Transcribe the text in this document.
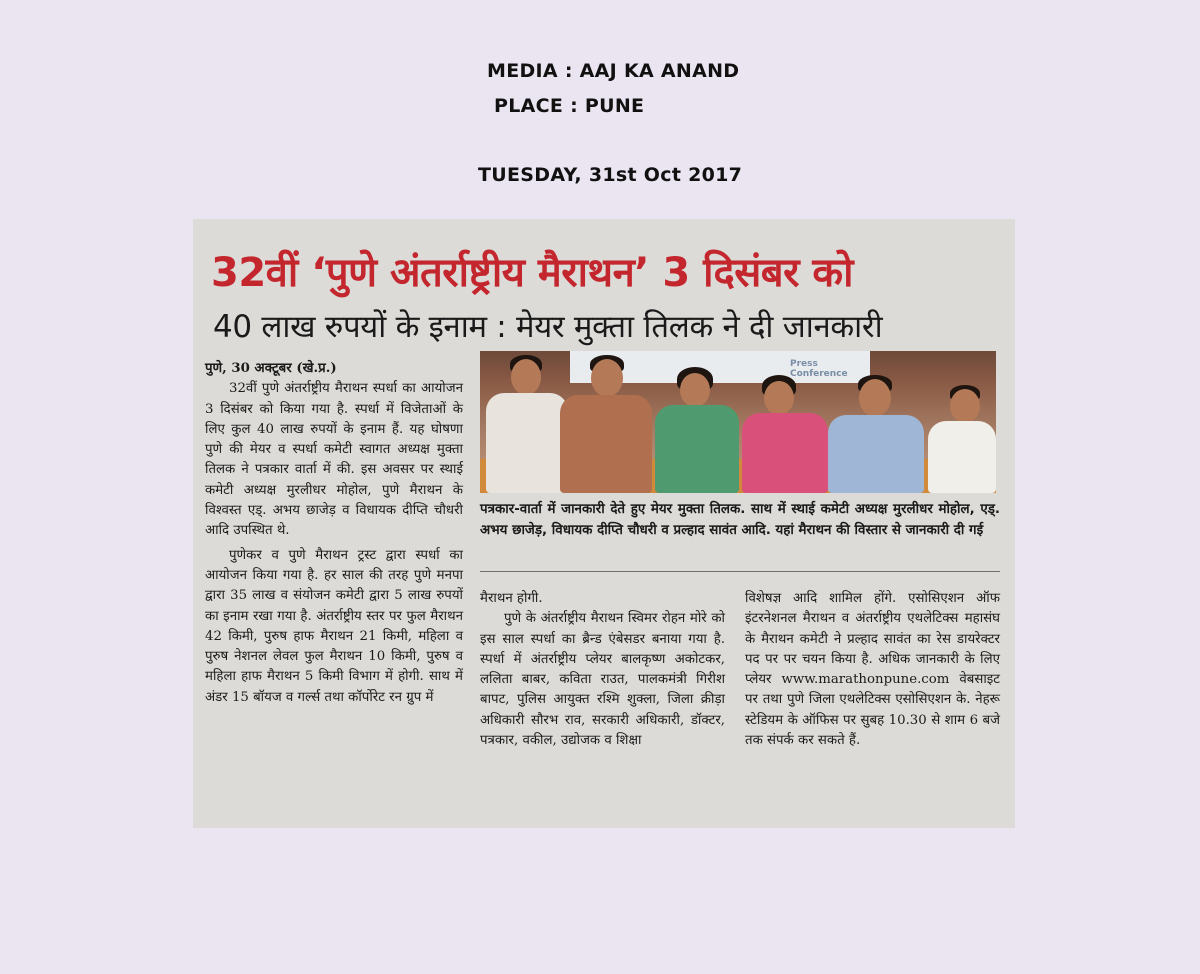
MEDIA : AAJ KA ANAND
PLACE : PUNE
TUESDAY, 31st Oct 2017
32वीं ‘पुणे अंतर्राष्ट्रीय मैराथन’ 3 दिसंबर को
40 लाख रुपयों के इनाम : मेयर मुक्ता तिलक ने दी जानकारी

पुणे, 30 अक्टूबर (खे.प्र.)

32वीं पुणे अंतर्राष्ट्रीय मैराथन स्पर्धा का आयोजन 3 दिसंबर को किया गया है. स्पर्धा में विजेताओं के लिए कुल 40 लाख रुपयों के इनाम हैं. यह घोषणा पुणे की मेयर व स्पर्धा कमेटी स्वागत अध्यक्ष मुक्ता तिलक ने पत्रकार वार्ता में की. इस अवसर पर स्थाई कमेटी अध्यक्ष मुरलीधर मोहोल, पुणे मैराथन के विश्वस्त एड्. अभय छाजेड़ व विधायक दीप्ति चौधरी आदि उपस्थित थे.

पुणेकर व पुणे मैराथन ट्रस्ट द्वारा स्पर्धा का आयोजन किया गया है. हर साल की तरह पुणे मनपा द्वारा 35 लाख व संयोजन कमेटी द्वारा 5 लाख रुपयों का इनाम रखा गया है. अंतर्राष्ट्रीय स्तर पर फुल मैराथन 42 किमी, पुरुष हाफ मैराथन 21 किमी, महिला व पुरुष नेशनल लेवल फुल मैराथन 10 किमी, पुरुष व महिला हाफ मैराथन 5 किमी विभाग में होगी. साथ में अंडर 15 बॉयज व गर्ल्स तथा कॉर्पोरेट रन ग्रुप में

Press Conference
पत्रकार-वार्ता में जानकारी देते हुए मेयर मुक्ता तिलक. साथ में स्थाई कमेटी अध्यक्ष मुरलीधर मोहोल, एड्. अभय छाजेड़, विधायक दीप्ति चौधरी व प्रल्हाद सावंत आदि. यहां मैराथन की विस्तार से जानकारी दी गई

मैराथन होगी.

पुणे के अंतर्राष्ट्रीय मैराथन स्विमर रोहन मोरे को इस साल स्पर्धा का ब्रैन्ड एंबेसडर बनाया गया है. स्पर्धा में अंतर्राष्ट्रीय प्लेयर बालकृष्ण अकोटकर, ललिता बाबर, कविता राउत, पालकमंत्री गिरीश बापट, पुलिस आयुक्त रश्मि शुक्ला, जिला क्रीड़ा अधिकारी सौरभ राव, सरकारी अधिकारी, डॉक्टर, पत्रकार, वकील, उद्योजक व शिक्षा

विशेषज्ञ आदि शामिल होंगे. एसोसिएशन ऑफ इंटरनेशनल मैराथन व अंतर्राष्ट्रीय एथलेटिक्स महासंघ के मैराथन कमेटी ने प्रल्हाद सावंत का रेस डायरेक्टर पद पर पर चयन किया है. अधिक जानकारी के लिए प्लेयर www.marathonpune.com वेबसाइट पर तथा पुणे जिला एथलेटिक्स एसोसिएशन के. नेहरू स्टेडियम के ऑफिस पर सुबह 10.30 से शाम 6 बजे तक संपर्क कर सकते हैं.
